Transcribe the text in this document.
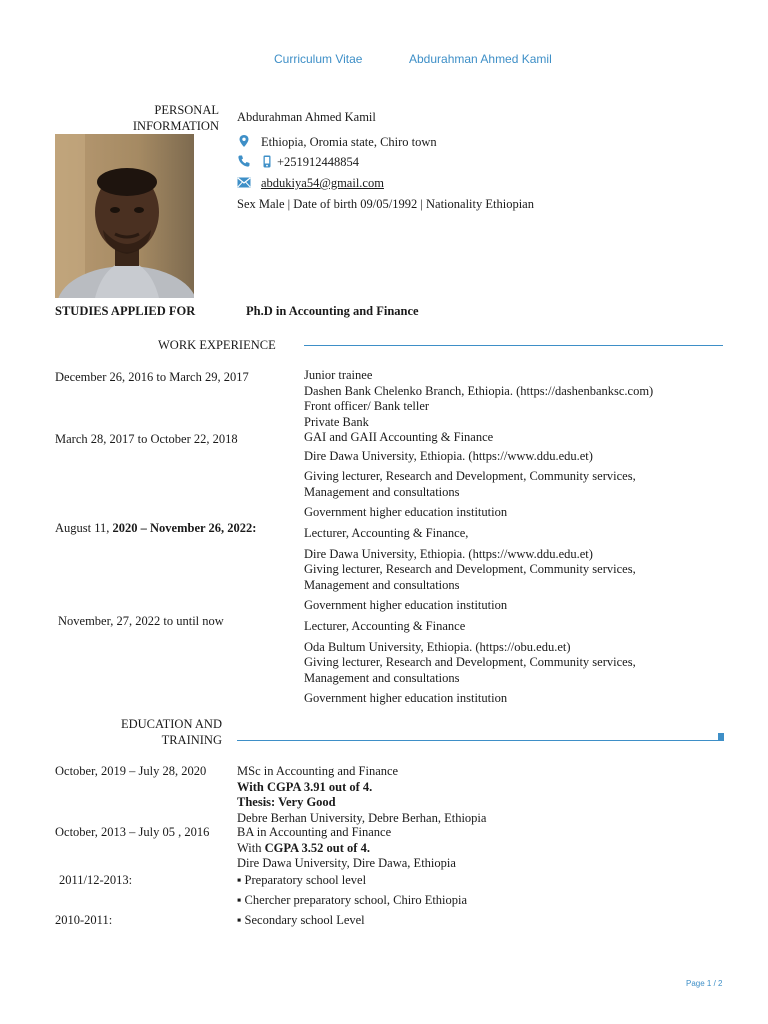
Curriculum Vitae	Abdurahman Ahmed Kamil
PERSONAL
INFORMATION
Abdurahman Ahmed Kamil
Ethiopia, Oromia state, Chiro town
+251912448854
abdukiya54@gmail.com
Sex Male | Date of birth 09/05/1992 | Nationality Ethiopian
STUDIES APPLIED FOR	Ph.D in Accounting and Finance
WORK EXPERIENCE
December 26, 2016 to March 29, 2017	Junior trainee
Dashen Bank Chelenko Branch, Ethiopia. (https://dashenbanksc.com)
Front officer/ Bank teller
Private Bank
March 28, 2017 to October 22, 2018	GAI and GAII Accounting & Finance
Dire Dawa University, Ethiopia. (https://www.ddu.edu.et)
Giving lecturer, Research and Development, Community services,
Management and consultations
Government higher education institution
August 11, 2020 – November 26, 2022:	Lecturer, Accounting & Finance,
Dire Dawa University, Ethiopia. (https://www.ddu.edu.et)
Giving lecturer, Research and Development, Community services,
Management and consultations
Government higher education institution
November, 27, 2022 to until now	Lecturer, Accounting & Finance
Oda Bultum University, Ethiopia. (https://obu.edu.et)
Giving lecturer, Research and Development, Community services,
Management and consultations
Government higher education institution
EDUCATION AND
TRAINING
October, 2019 – July 28, 2020 MSc in Accounting and Finance
With CGPA 3.91 out of 4.
Thesis: Very Good
Debre Berhan University, Debre Berhan, Ethiopia
October, 2013 – July 05 , 2016 BA in Accounting and Finance
With CGPA 3.52 out of 4.
Dire Dawa University, Dire Dawa, Ethiopia
2011/12-2013:	▪ Preparatory school level
▪ Chercher preparatory school, Chiro Ethiopia
2010-2011:	▪ Secondary school Level
Page 1 / 2
